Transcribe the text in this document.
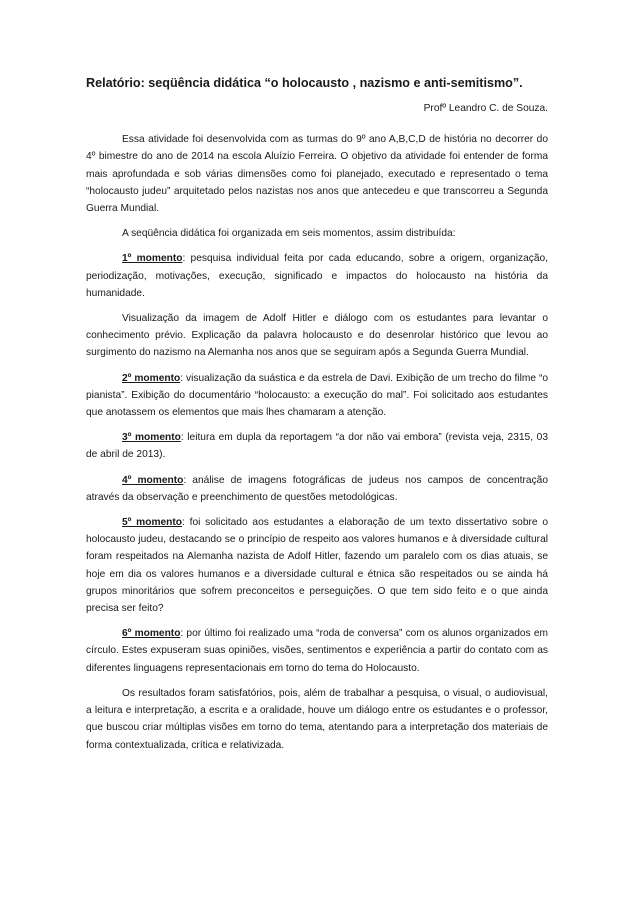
Relatório: seqüência didática “o holocausto , nazismo e anti-semitismo”.
Profº Leandro C. de Souza.

Essa atividade foi desenvolvida com as turmas do 9º ano A,B,C,D de história no decorrer do 4º bimestre do ano de 2014 na escola Aluízio Ferreira. O objetivo da atividade foi entender de forma mais aprofundada e sob várias dimensões como foi planejado, executado e representado o tema “holocausto judeu” arquitetado pelos nazistas nos anos que antecedeu e que transcorreu a Segunda Guerra Mundial.

A seqüência didática foi organizada em seis momentos, assim distribuída:

1º momento: pesquisa individual feita por cada educando, sobre a origem, organização, periodização, motivações, execução, significado e impactos do holocausto na história da humanidade.

Visualização da imagem de Adolf Hitler e diálogo com os estudantes para levantar o conhecimento prévio. Explicação da palavra holocausto e do desenrolar histórico que levou ao surgimento do nazismo na Alemanha nos anos que se seguiram após a Segunda Guerra Mundial.

2º momento: visualização da suástica e da estrela de Davi. Exibição de um trecho do filme “o pianista”. Exibição do documentário “holocausto: a execução do mal”. Foi solicitado aos estudantes que anotassem os elementos que mais lhes chamaram a atenção.

3º momento: leitura em dupla da reportagem “a dor não vai embora” (revista veja, 2315, 03 de abril de 2013).

4º momento: análise de imagens fotográficas de judeus nos campos de concentração através da observação e preenchimento de questões metodológicas.

5º momento: foi solicitado aos estudantes a elaboração de um texto dissertativo sobre o holocausto judeu, destacando se o princípio de respeito aos valores humanos e à diversidade cultural foram respeitados na Alemanha nazista de Adolf Hitler, fazendo um paralelo com os dias atuais, se hoje em dia os valores humanos e a diversidade cultural e étnica são respeitados ou se ainda há grupos minoritários que sofrem preconceitos e perseguições. O que tem sido feito e o que ainda precisa ser feito?

6º momento: por último foi realizado uma “roda de conversa” com os alunos organizados em círculo. Estes expuseram suas opiniões, visões, sentimentos e experiência a partir do contato com as diferentes linguagens representacionais em torno do tema do Holocausto.

Os resultados foram satisfatórios, pois, além de trabalhar a pesquisa, o visual, o audiovisual, a leitura e interpretação, a escrita e a oralidade, houve um diálogo entre os estudantes e o professor, que buscou criar múltiplas visões em torno do tema, atentando para a interpretação dos materiais de forma contextualizada, crítica e relativizada.
